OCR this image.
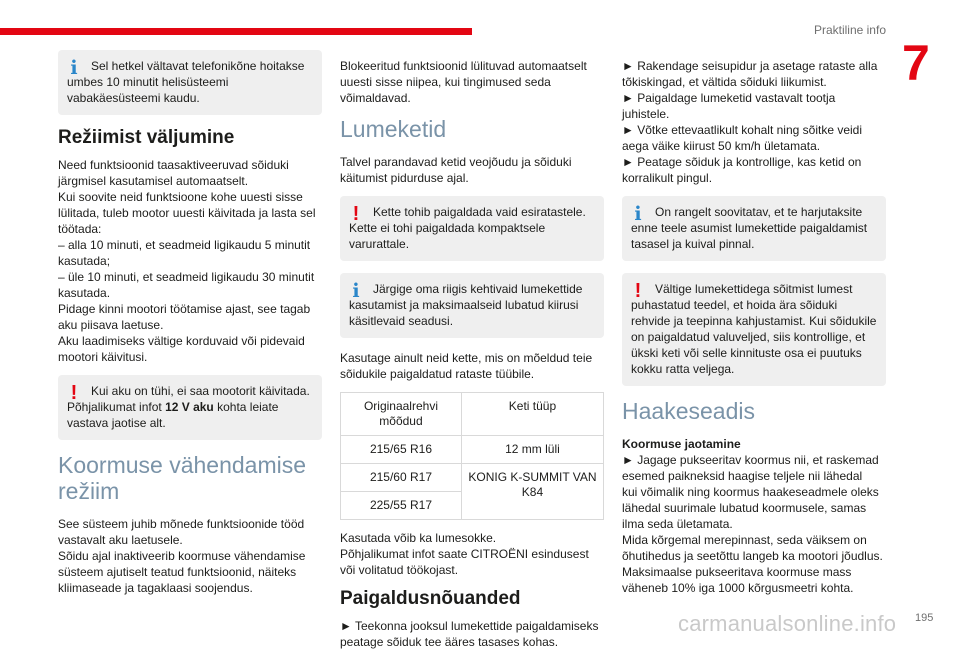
Praktiline info
7
i	Sel hetkel vältavat telefonikõne hoitakse umbes 10 minutit helisüsteemi vabakäesüsteemi kaudu.

Režiimist väljumine

Need funktsioonid taasaktiveeruvad sõiduki
järgmisel kasutamisel automaatselt.
Kui soovite neid funktsioone kohe uuesti sisse
lülitada, tuleb mootor uuesti käivitada ja lasta sel
töötada:
– alla 10 minuti, et seadmeid ligikaudu 5 minutit
kasutada;
– üle 10 minuti, et seadmeid ligikaudu 30 minutit
kasutada.
Pidage kinni mootori töötamise ajast, see tagab
aku piisava laetuse.
Aku laadimiseks vältige korduvaid või pidevaid
mootori käivitusi.

!	Kui aku on tühi, ei saa mootorit käivitada. Põhjalikumat infot 12 V aku kohta leiate vastava jaotise alt.

Koormuse vähendamise
režiim

See süsteem juhib mõnede funktsioonide tööd
vastavalt aku laetusele.
Sõidu ajal inaktiveerib koormuse vähendamise
süsteem ajutiselt teatud funktsioonid, näiteks
kliimaseade ja tagaklaasi soojendus.

Blokeeritud funktsioonid lülituvad automaatselt
uuesti sisse niipea, kui tingimused seda
võimaldavad.

Lumeketid

Talvel parandavad ketid veojõudu ja sõiduki
käitumist pidurduse ajal.

!	Kette tohib paigaldada vaid esiratastele. Kette ei tohi paigaldada kompaktsele varurattale.

i	Järgige oma riigis kehtivaid lumekettide kasutamist ja maksimaalseid lubatud kiirusi käsitlevaid seadusi.

Kasutage ainult neid kette, mis on mõeldud teie
sõidukile paigaldatud rataste tüübile.

Originaalrehvi mõõdud	Keti tüüp
215/65 R16	12 mm lüli
215/60 R17	KONIG K-SUMMIT VAN K84
225/55 R17	

Kasutada võib ka lumesokke.
Põhjalikumat infot saate CITROËNI esindusest
või volitatud töökojast.

Paigaldusnõuanded

► Teekonna jooksul lumekettide paigaldamiseks
peatage sõiduk tee ääres tasases kohas.

► Rakendage seisupidur ja asetage rataste alla
tõkiskingad, et vältida sõiduki liikumist.
► Paigaldage lumeketid vastavalt tootja
juhistele.
► Võtke ettevaatlikult kohalt ning sõitke veidi
aega väike kiirust 50 km/h ületamata.
► Peatage sõiduk ja kontrollige, kas ketid on
korralikult pingul.

i	On rangelt soovitatav, et te harjutaksite enne teele asumist lumekettide paigaldamist tasasel ja kuival pinnal.

!	Vältige lumekettidega sõitmist lumest puhastatud teedel, et hoida ära sõiduki rehvide ja teepinna kahjustamist. Kui sõidukile on paigaldatud valuveljed, siis kontrollige, et ükski keti või selle kinnituste osa ei puutuks kokku ratta veljega.

Haakeseadis

Koormuse jaotamine

► Jagage pukseeritav koormus nii, et raskemad
esemed paikneksid haagise teljele nii lähedal
kui võimalik ning koormus haakeseadmele oleks
lähedal suurimale lubatud koormusele, samas
ilma seda ületamata.
Mida kõrgemal merepinnast, seda väiksem on
õhutihedus ja seetõttu langeb ka mootori jõudlus.
Maksimaalse pukseeritava koormuse mass
väheneb 10% iga 1000 kõrgusmeetri kohta.

carmanualsonline.info 195
